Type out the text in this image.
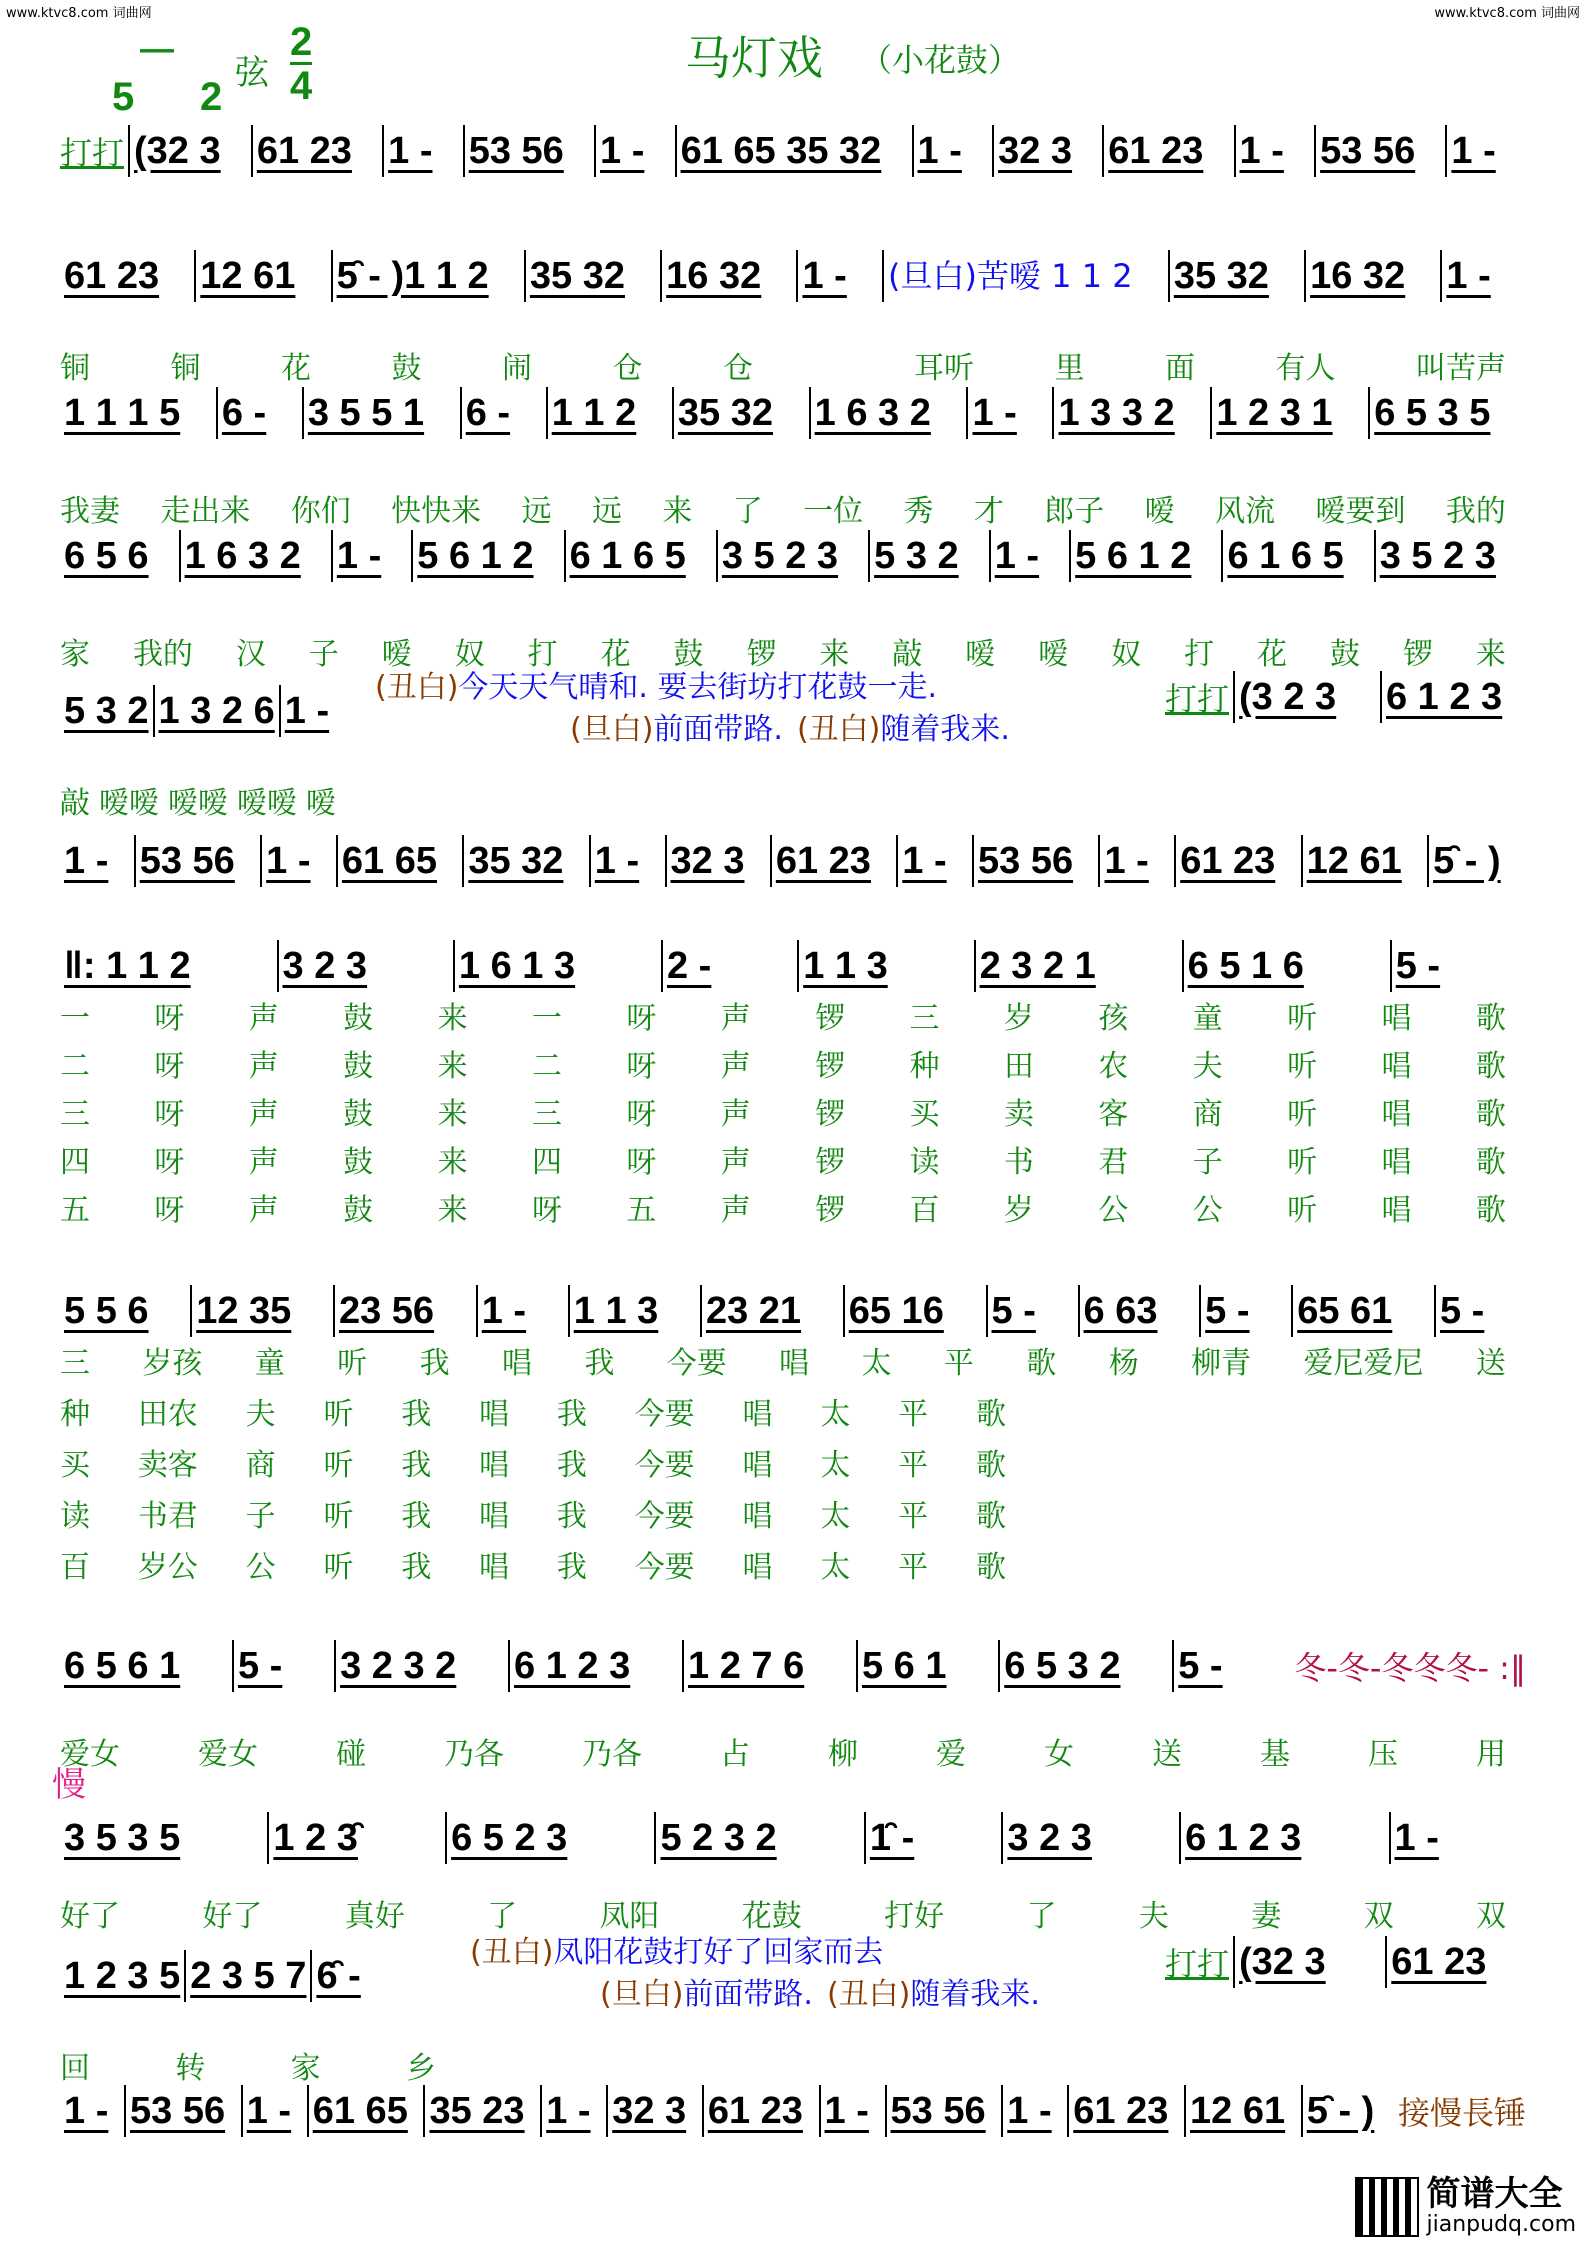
www.ktvc8.com 词曲网	www.ktvc8.com 词曲网
马灯戏 （小花鼓）
—
5 2
弦
2
4
打打 (32 3 61 23 1 - 53 56 1 - 61 65 35 32 1 - 32 3 61 23 1 - 53 56 1 -
61 23	12 61	5̑ - )1 1 2	35 32	16 32	1 -	(旦白)苦嗳 1 1 2	35 32	16 32	1 -
铜	铜	花	鼓	闹	仓	仓	耳听	里	面	有人	叫苦声
1 1 1 5	6 -	3 5 5 1	6 -	1 1 2	35 32	1 6 3 2	1 -	1 3 3 2	1 2 3 1	6 5 3 5
我妻 走出来 你们 快快来 远 远 来 了 一位 秀 才 郎子 嗳 风流 嗳要到 我的
6 5 6 1 6 3 2 1 - 5 6 1 2 6 1 6 5 3 5 2 3 5 3 2 1 - 5 6 1 2 6 1 6 5 3 5 2 3
家 我的 汉 子 嗳 奴 打 花 鼓 锣 来 敲 嗳 嗳 奴 打 花 鼓 锣 来
5 3 2 1 3 2 6 1 -
(丑白)今天天气晴和. 要去街坊打花鼓一走.
(旦白)前面带路. (丑白)随着我来.
打打 (3 2 3	6 1 2 3
敲 嗳嗳 嗳嗳 嗳嗳 嗳
1 - 53 56 1 - 61 65 35 32 1 - 32 3 61 23 1 - 53 56 1 - 61 23 12 61 5̑ - )
‖: 1 1 2	3 2 3	1 6 1 3	2 -	1 1 3	2 3 2 1	6 5 1 6	5 -
一 呀 声 鼓 来 一 呀 声 锣 三 岁 孩 童 听 唱 歌
二 呀 声 鼓 来 二 呀 声 锣 种 田 农 夫 听 唱 歌
三 呀 声 鼓 来 三 呀 声 锣 买 卖 客 商 听 唱 歌
四 呀 声 鼓 来 四 呀 声 锣 读 书 君 子 听 唱 歌
五 呀 声 鼓 来 呀 五 声 锣 百 岁 公 公 听 唱 歌
5 5 6	12 35	23 56	1 -	1 1 3	23 21	65 16	5 -	6 63	5 -	65 61	5 -
三 岁孩 童 听 我 唱 我 今要 唱 太 平 歌 杨 柳青 爱尼爱尼 送
种 田农 夫 听 我 唱 我 今要 唱 太 平 歌
买 卖客 商 听 我 唱 我 今要 唱 太 平 歌
读 书君 子 听 我 唱 我 今要 唱 太 平 歌
百 岁公 公 听 我 唱 我 今要 唱 太 平 歌
6 5 6 1	5 -	3 2 3 2	6 1 2 3	1 2 7 6	5 6 1	6 5 3 2	5 -	冬-冬-冬冬冬- :‖
爱女	爱女	碰	乃各	乃各	占	柳	爱	女	送	基	压	用
3 5 3 5	1 2 3̑	6 5 2 3	5 2 3 2	1̑ -	3 2 3	6 1 2 3	1 -
慢
好了	好了	真好	了	凤阳	花鼓	打好	了	夫	妻	双	双
1 2 3 5 2 3 5 7 6̑ -
(丑白)凤阳花鼓打好了回家而去
(旦白)前面带路. (丑白)随着我来.
打打 (32 3	61 23
回	转	家	乡
1 - 53 56 1 - 61 65 35 23 1 - 32 3 61 23 1 - 53 56 1 - 61 23 12 61 5̑ - ) 接慢長锤
简谱大全
jianpudq.com
